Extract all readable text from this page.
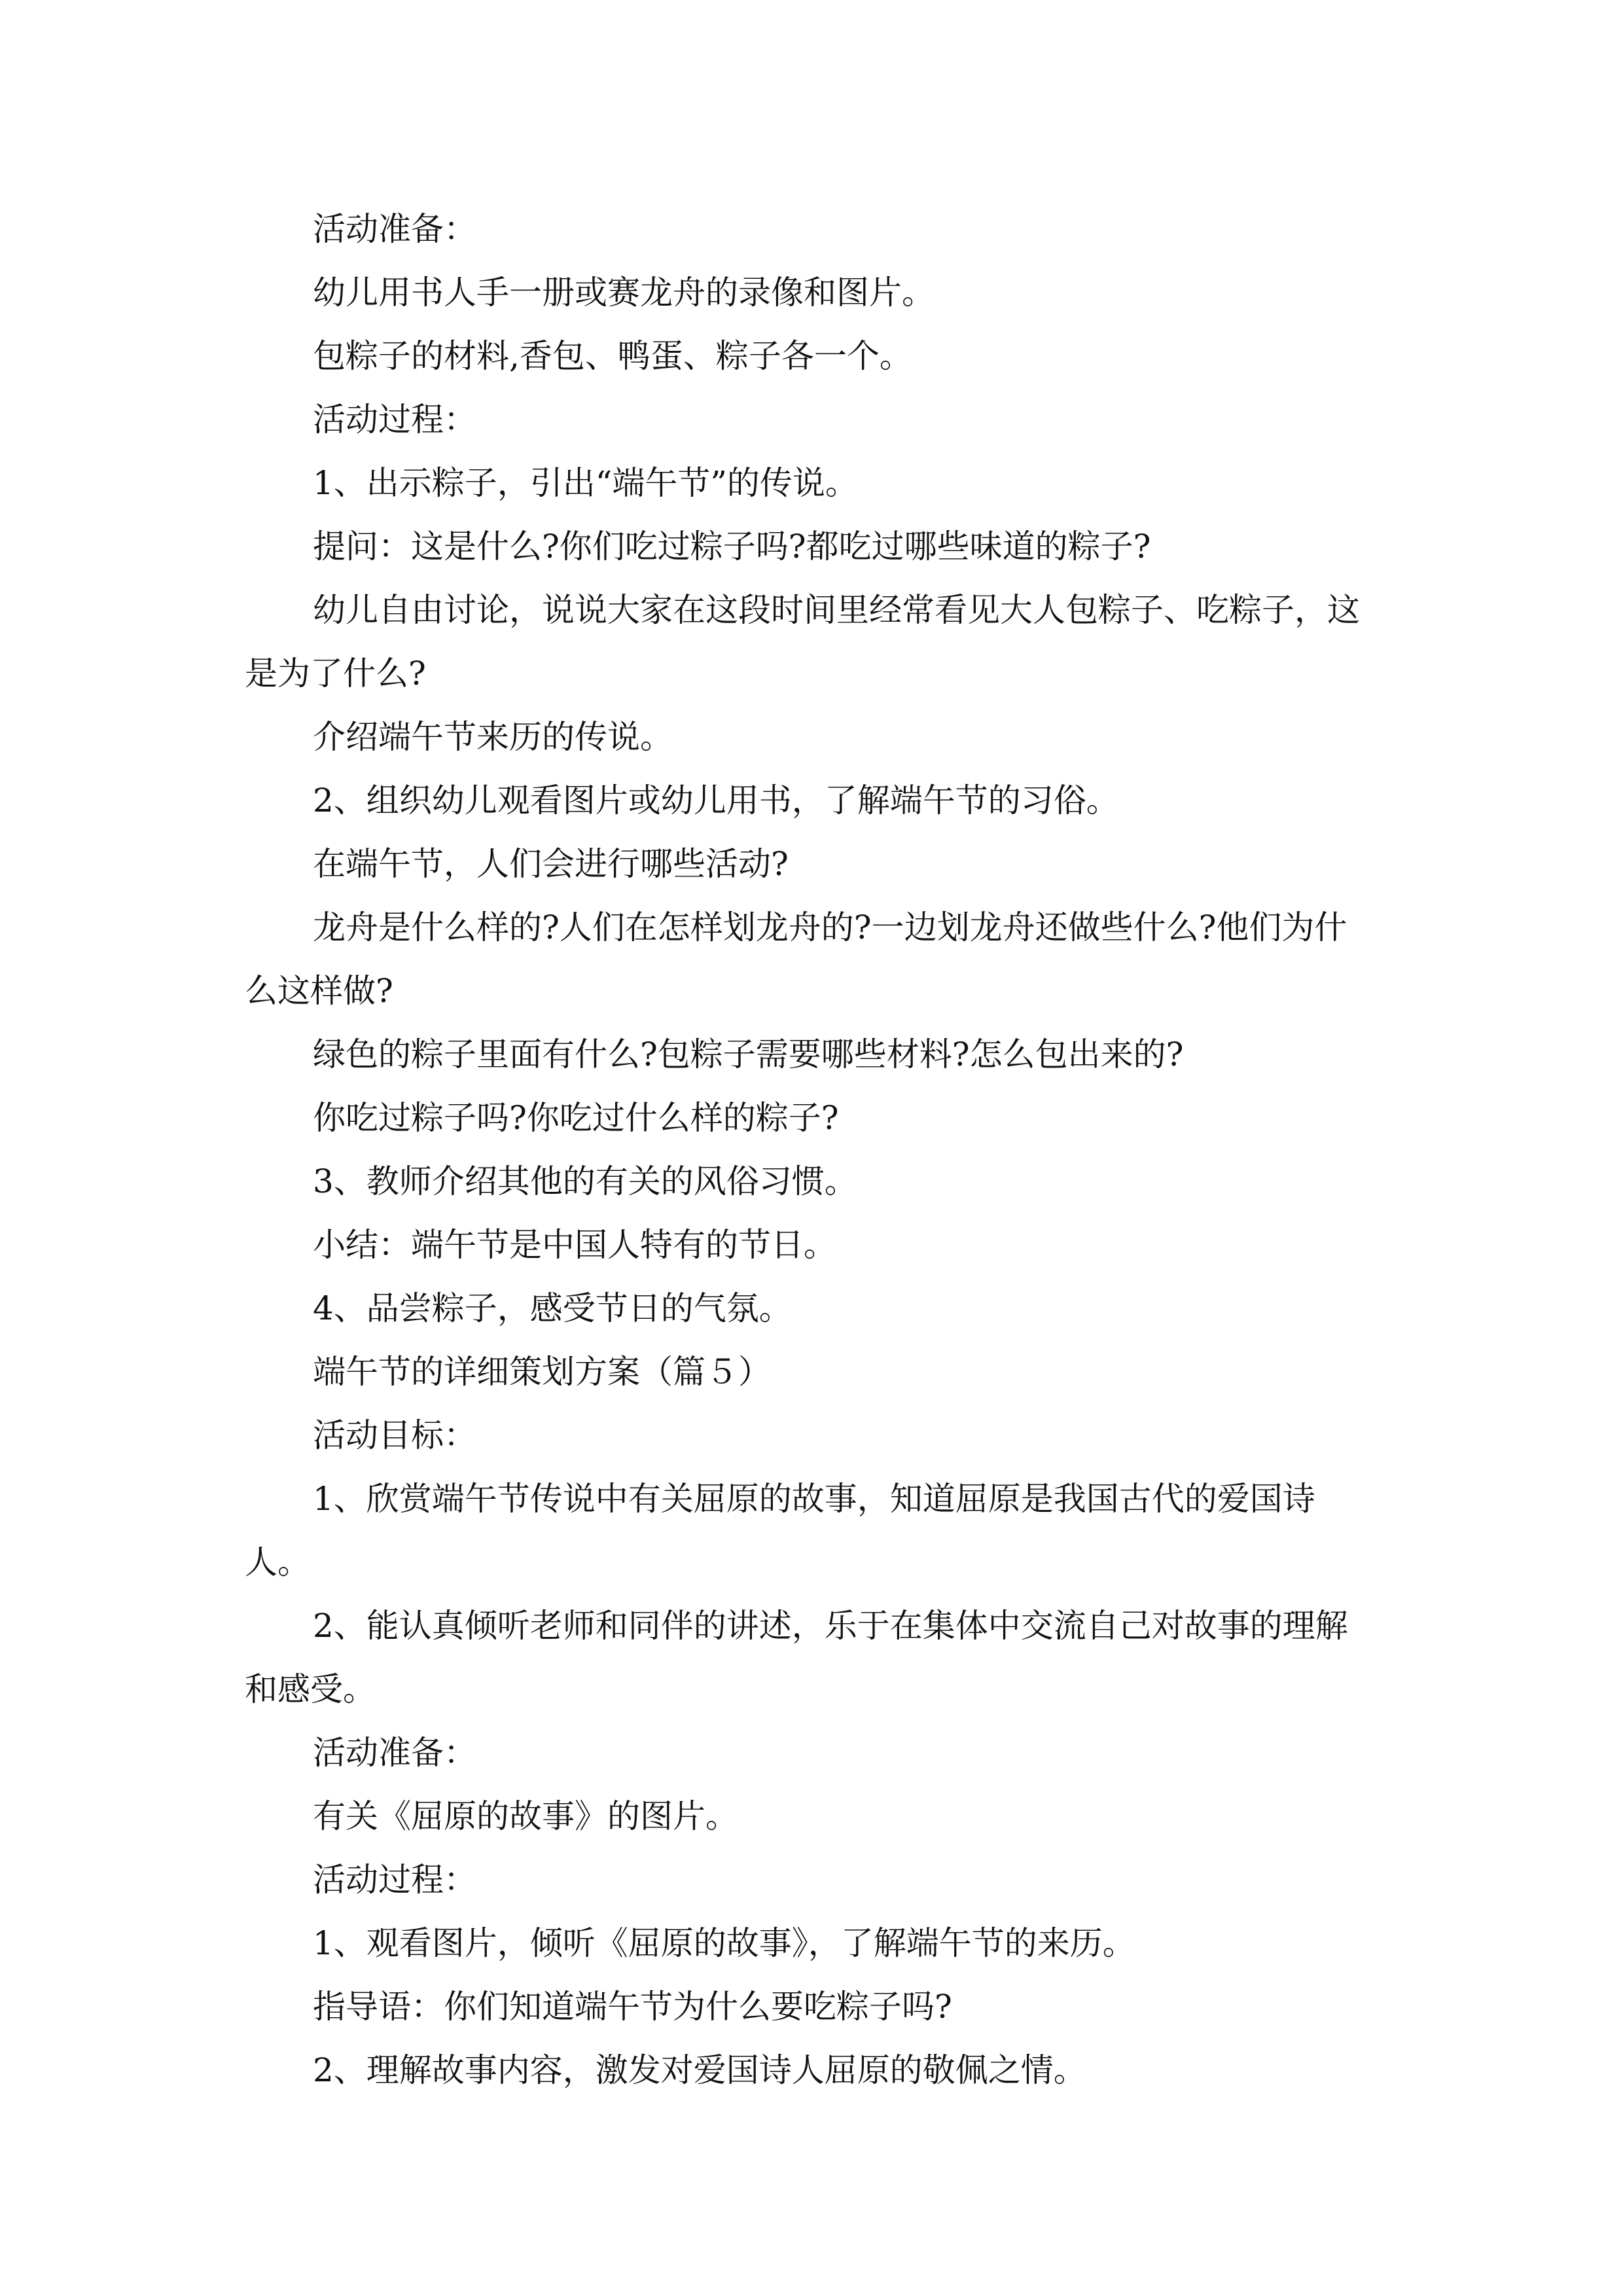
活动准备：

幼儿用书人手一册或赛龙舟的录像和图片。

包粽子的材料,香包、鸭蛋、粽子各一个。

活动过程：

1、出示粽子，引出“端午节”的传说。

提问：这是什么?你们吃过粽子吗?都吃过哪些味道的粽子?

幼儿自由讨论，说说大家在这段时间里经常看见大人包粽子、吃粽子，这是为了什么?

介绍端午节来历的传说。

2、组织幼儿观看图片或幼儿用书，了解端午节的习俗。

在端午节，人们会进行哪些活动?

龙舟是什么样的?人们在怎样划龙舟的?一边划龙舟还做些什么?他们为什么这样做?

绿色的粽子里面有什么?包粽子需要哪些材料?怎么包出来的?

你吃过粽子吗?你吃过什么样的粽子?

3、教师介绍其他的有关的风俗习惯。

小结：端午节是中国人特有的节日。

4、品尝粽子，感受节日的气氛。

端午节的详细策划方案（篇５）

活动目标：

1、欣赏端午节传说中有关屈原的故事，知道屈原是我国古代的爱国诗人。

2、能认真倾听老师和同伴的讲述，乐于在集体中交流自己对故事的理解和感受。

活动准备：

有关《屈原的故事》的图片。

活动过程：

1、观看图片，倾听《屈原的故事》，了解端午节的来历。

指导语：你们知道端午节为什么要吃粽子吗?

2、理解故事内容，激发对爱国诗人屈原的敬佩之情。
